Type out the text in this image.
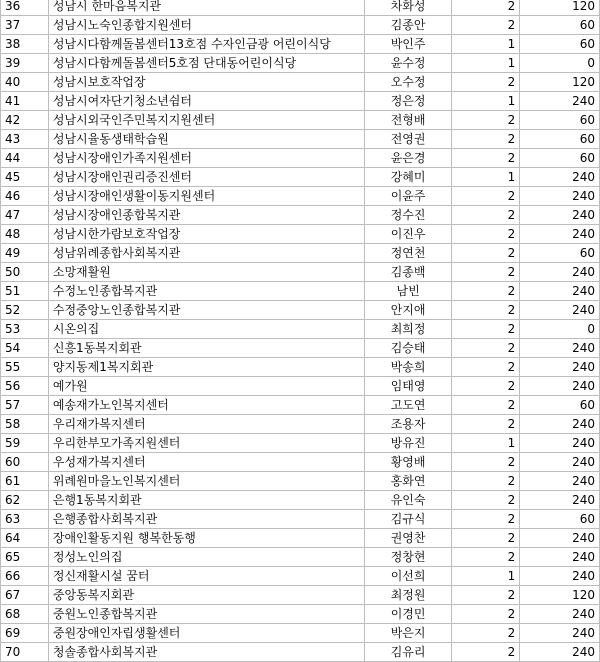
36	성남시 한마음복지관	차화성	2	120
37	성남시노숙인종합지원센터	김종안	2	60
38	성남시다함께돌봄센터13호점 수자인금광 어린이식당	박인주	1	60
39	성남시다함께돌봄센터5호점 단대동어린이식당	윤수정	1	0
40	성남시보호작업장	오수정	2	120
41	성남시여자단기청소년쉼터	정은정	1	240
42	성남시외국인주민복지지원센터	전형배	2	60
43	성남시율동생태학습원	전영권	2	60
44	성남시장애인가족지원센터	윤은경	2	60
45	성남시장애인권리증진센터	강혜미	1	240
46	성남시장애인생활이동지원센터	이윤주	2	240
47	성남시장애인종합복지관	정수진	2	240
48	성남시한가람보호작업장	이진우	2	240
49	성남위례종합사회복지관	정연천	2	60
50	소망재활원	김종백	2	240
51	수정노인종합복지관	남빈	2	240
52	수정중앙노인종합복지관	안지애	2	240
53	시온의집	최희정	2	0
54	신흥1동복지회관	김승태	2	240
55	양지동제1복지회관	박송희	2	240
56	예가원	임태영	2	240
57	예송재가노인복지센터	고도연	2	60
58	우리재가복지센터	조용자	2	240
59	우리한부모가족지원센터	방유진	1	240
60	우성재가복지센터	황영배	2	240
61	위례원마을노인복지센터	홍화연	2	240
62	은행1동복지회관	유인숙	2	240
63	은행종합사회복지관	김규식	2	60
64	장애인활동지원 행복한동행	권영찬	2	240
65	정성노인의집	정창현	2	240
66	정신재활시설 꿈터	이선희	1	240
67	중앙동복지회관	최정원	2	120
68	중원노인종합복지관	이경민	2	240
69	중원장애인자립생활센터	박은지	2	240
70	청솔종합사회복지관	김유리	2	240
